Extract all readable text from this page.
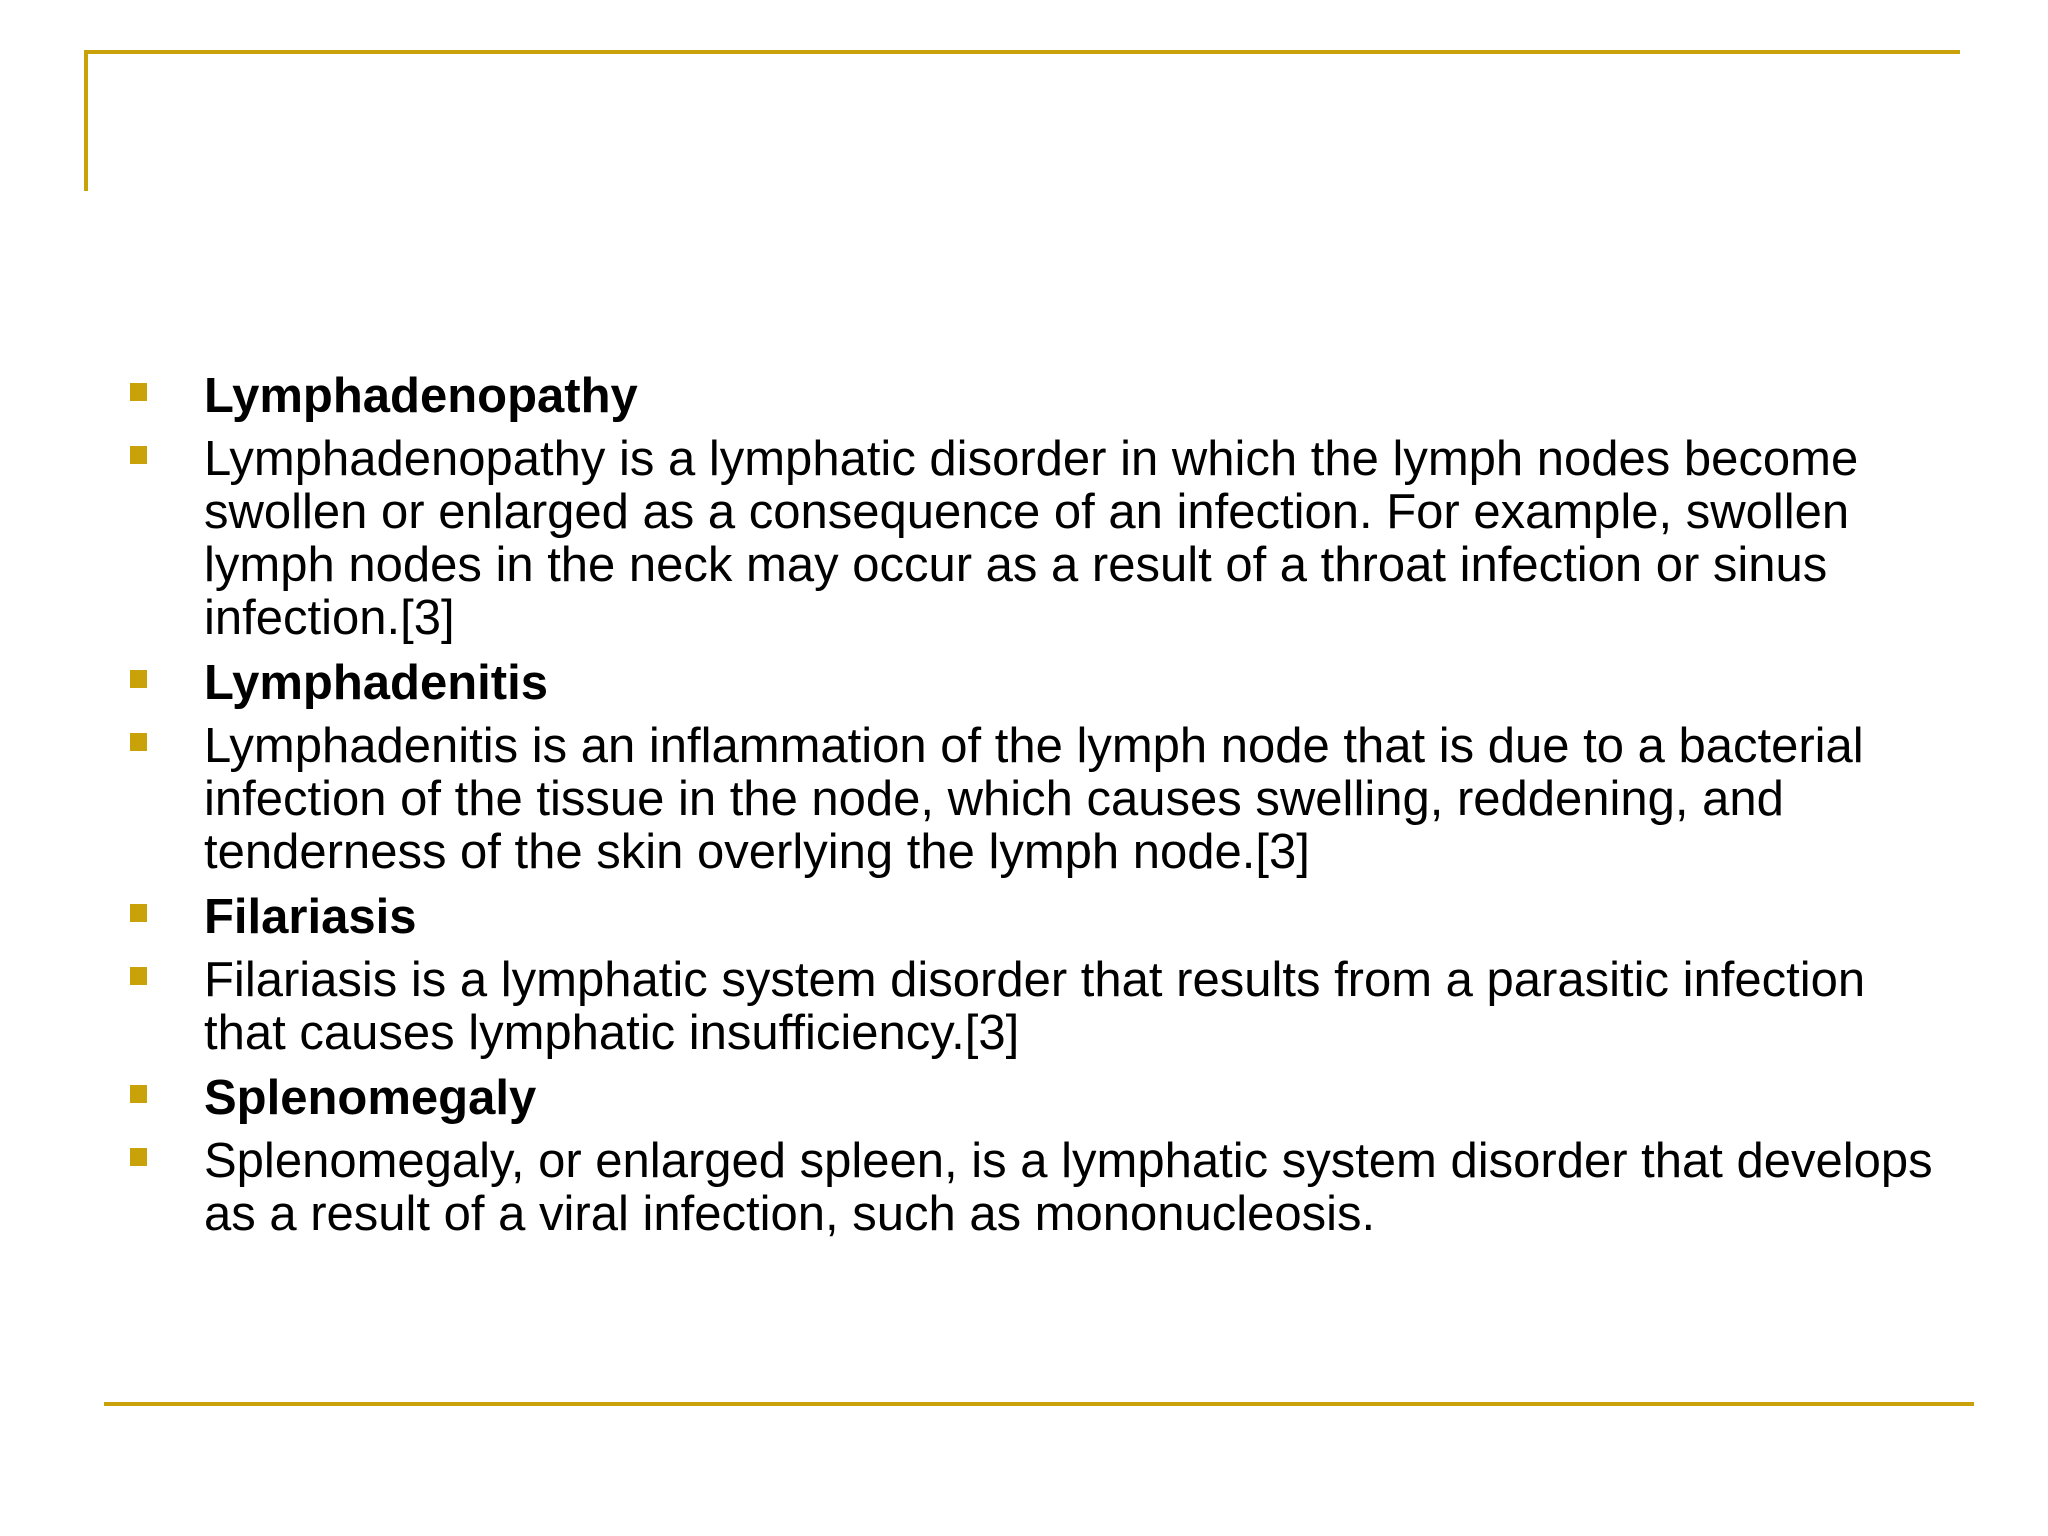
Lymphadenopathy
Lymphadenopathy is a lymphatic disorder in which the lymph nodes become swollen or enlarged as a consequence of an infection. For example, swollen lymph nodes in the neck may occur as a result of a throat infection or sinus infection.[3]
Lymphadenitis
Lymphadenitis is an inflammation of the lymph node that is due to a bacterial infection of the tissue in the node, which causes swelling, reddening, and tenderness of the skin overlying the lymph node.[3]
Filariasis
Filariasis is a lymphatic system disorder that results from a parasitic infection that causes lymphatic insufficiency.[3]
Splenomegaly
Splenomegaly, or enlarged spleen, is a lymphatic system disorder that develops as a result of a viral infection, such as mononucleosis.
